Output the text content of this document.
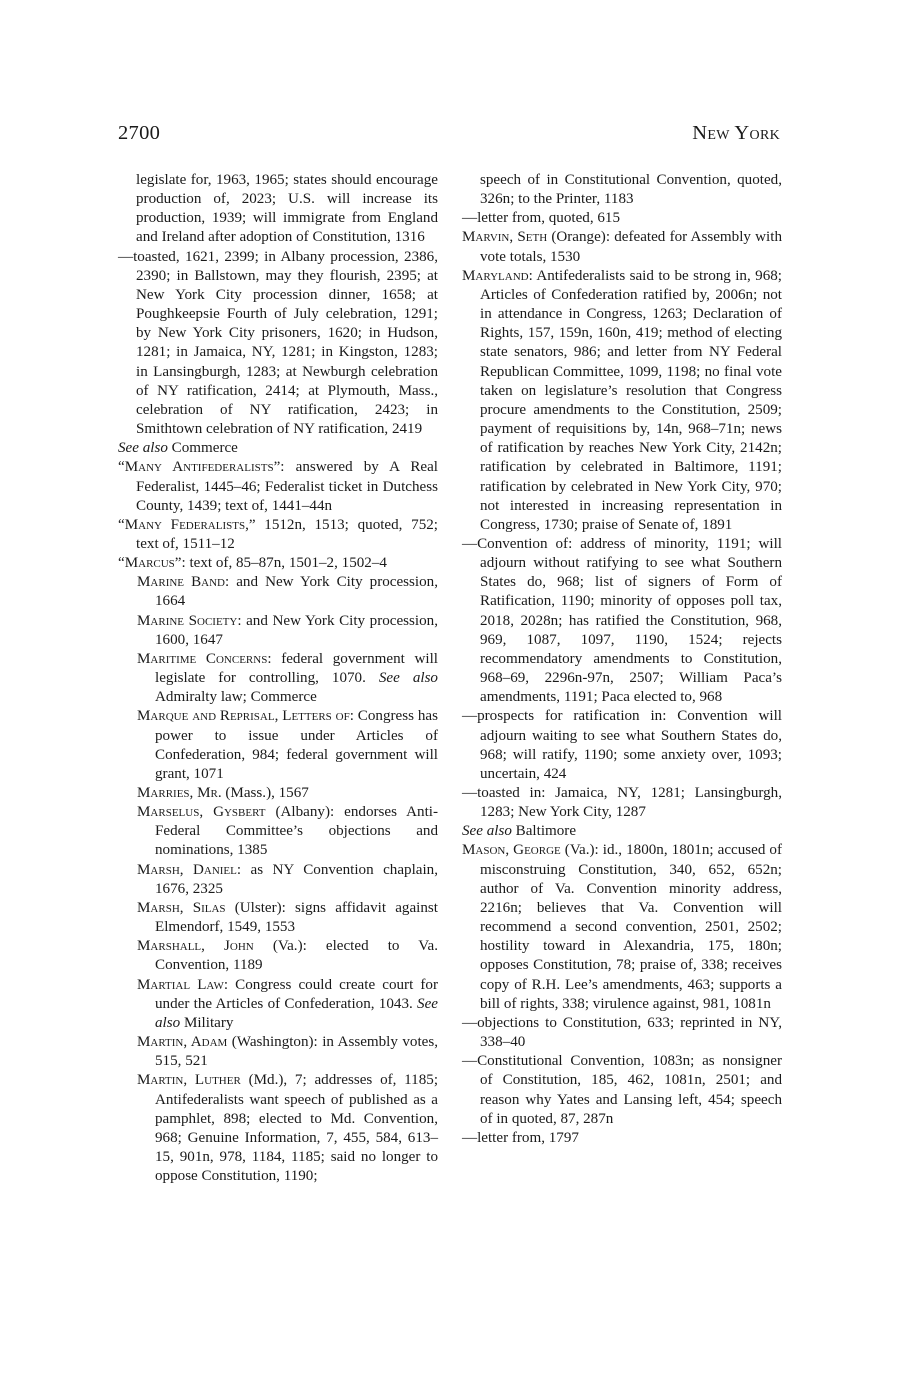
2700	New York

legislate for, 1963, 1965; states should encourage production of, 2023; U.S. will increase its production, 1939; will immigrate from England and Ireland after adoption of Constitution, 1316

—toasted, 1621, 2399; in Albany procession, 2386, 2390; in Ballstown, may they flourish, 2395; at New York City procession dinner, 1658; at Poughkeepsie Fourth of July celebration, 1291; by New York City prisoners, 1620; in Hudson, 1281; in Jamaica, NY, 1281; in Kingston, 1283; in Lansingburgh, 1283; at Newburgh celebration of NY ratification, 2414; at Plymouth, Mass., celebration of NY ratification, 2423; in Smithtown celebration of NY ratification, 2419

See also Commerce

“Many Antifederalists”: answered by A Real Federalist, 1445–46; Federalist ticket in Dutchess County, 1439; text of, 1441–44n

“Many Federalists,” 1512n, 1513; quoted, 752; text of, 1511–12

“Marcus”: text of, 85–87n, 1501–2, 1502–4

Marine Band: and New York City procession, 1664

Marine Society: and New York City procession, 1600, 1647

Maritime Concerns: federal government will legislate for controlling, 1070. See also Admiralty law; Commerce

Marque and Reprisal, Letters of: Congress has power to issue under Articles of Confederation, 984; federal government will grant, 1071

Marries, Mr. (Mass.), 1567

Marselus, Gysbert (Albany): endorses Anti-Federal Committee’s objections and nominations, 1385

Marsh, Daniel: as NY Convention chaplain, 1676, 2325

Marsh, Silas (Ulster): signs affidavit against Elmendorf, 1549, 1553

Marshall, John (Va.): elected to Va. Convention, 1189

Martial Law: Congress could create court for under the Articles of Confederation, 1043. See also Military

Martin, Adam (Washington): in Assembly votes, 515, 521

Martin, Luther (Md.), 7; addresses of, 1185; Antifederalists want speech of published as a pamphlet, 898; elected to Md. Convention, 968; Genuine Information, 7, 455, 584, 613–15, 901n, 978, 1184, 1185; said no longer to oppose Constitution, 1190;

speech of in Constitutional Convention, quoted, 326n; to the Printer, 1183

—letter from, quoted, 615

Marvin, Seth (Orange): defeated for Assembly with vote totals, 1530

Maryland: Antifederalists said to be strong in, 968; Articles of Confederation ratified by, 2006n; not in attendance in Congress, 1263; Declaration of Rights, 157, 159n, 160n, 419; method of electing state senators, 986; and letter from NY Federal Republican Committee, 1099, 1198; no final vote taken on legislature’s resolution that Congress procure amendments to the Constitution, 2509; payment of requisitions by, 14n, 968–71n; news of ratification by reaches New York City, 2142n; ratification by celebrated in Baltimore, 1191; ratification by celebrated in New York City, 970; not interested in increasing representation in Congress, 1730; praise of Senate of, 1891

—Convention of: address of minority, 1191; will adjourn without ratifying to see what Southern States do, 968; list of signers of Form of Ratification, 1190; minority of opposes poll tax, 2018, 2028n; has ratified the Constitution, 968, 969, 1087, 1097, 1190, 1524; rejects recommendatory amendments to Constitution, 968–69, 2296n-97n, 2507; William Paca’s amendments, 1191; Paca elected to, 968

—prospects for ratification in: Convention will adjourn waiting to see what Southern States do, 968; will ratify, 1190; some anxiety over, 1093; uncertain, 424

—toasted in: Jamaica, NY, 1281; Lansingburgh, 1283; New York City, 1287

See also Baltimore

Mason, George (Va.): id., 1800n, 1801n; accused of misconstruing Constitution, 340, 652, 652n; author of Va. Convention minority address, 2216n; believes that Va. Convention will recommend a second convention, 2501, 2502; hostility toward in Alexandria, 175, 180n; opposes Constitution, 78; praise of, 338; receives copy of R.H. Lee’s amendments, 463; supports a bill of rights, 338; virulence against, 981, 1081n

—objections to Constitution, 633; reprinted in NY, 338–40

—Constitutional Convention, 1083n; as nonsigner of Constitution, 185, 462, 1081n, 2501; and reason why Yates and Lansing left, 454; speech of in quoted, 87, 287n

—letter from, 1797
